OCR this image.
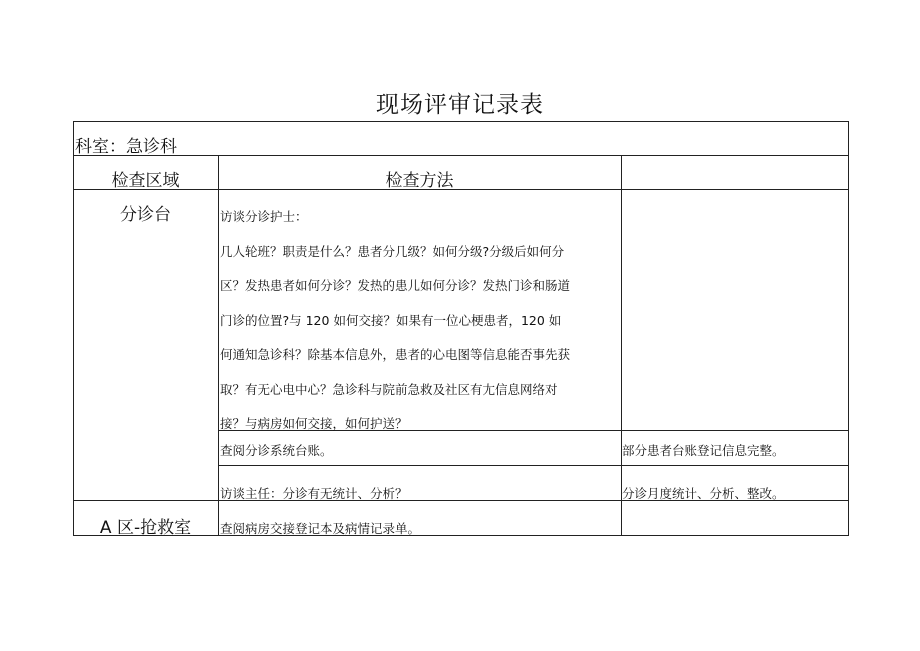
现场评审记录表
科室：急诊科
检查区域	检查方法
分诊台	访谈分诊护士：
几人轮班？职责是什么？患者分几级？如何分级?分级后如何分
区？发热患者如何分诊？发热的患儿如何分诊？发热门诊和肠道
门诊的位置?与 120 如何交接？如果有一位心梗患者，120 如
何通知急诊科？除基本信息外，患者的心电图等信息能否事先获
取？有无心电中心？急诊科与院前急救及社区有尢信息网络对
接？与病房如何交接，如何护送？
查阅分诊系统台账。	部分患者台账登记信息完整。
访谈主任：分诊有无统计、分析？	分诊月度统计、分析、整改。
A 区-抢救室	查阅病房交接登记本及病情记录单。
